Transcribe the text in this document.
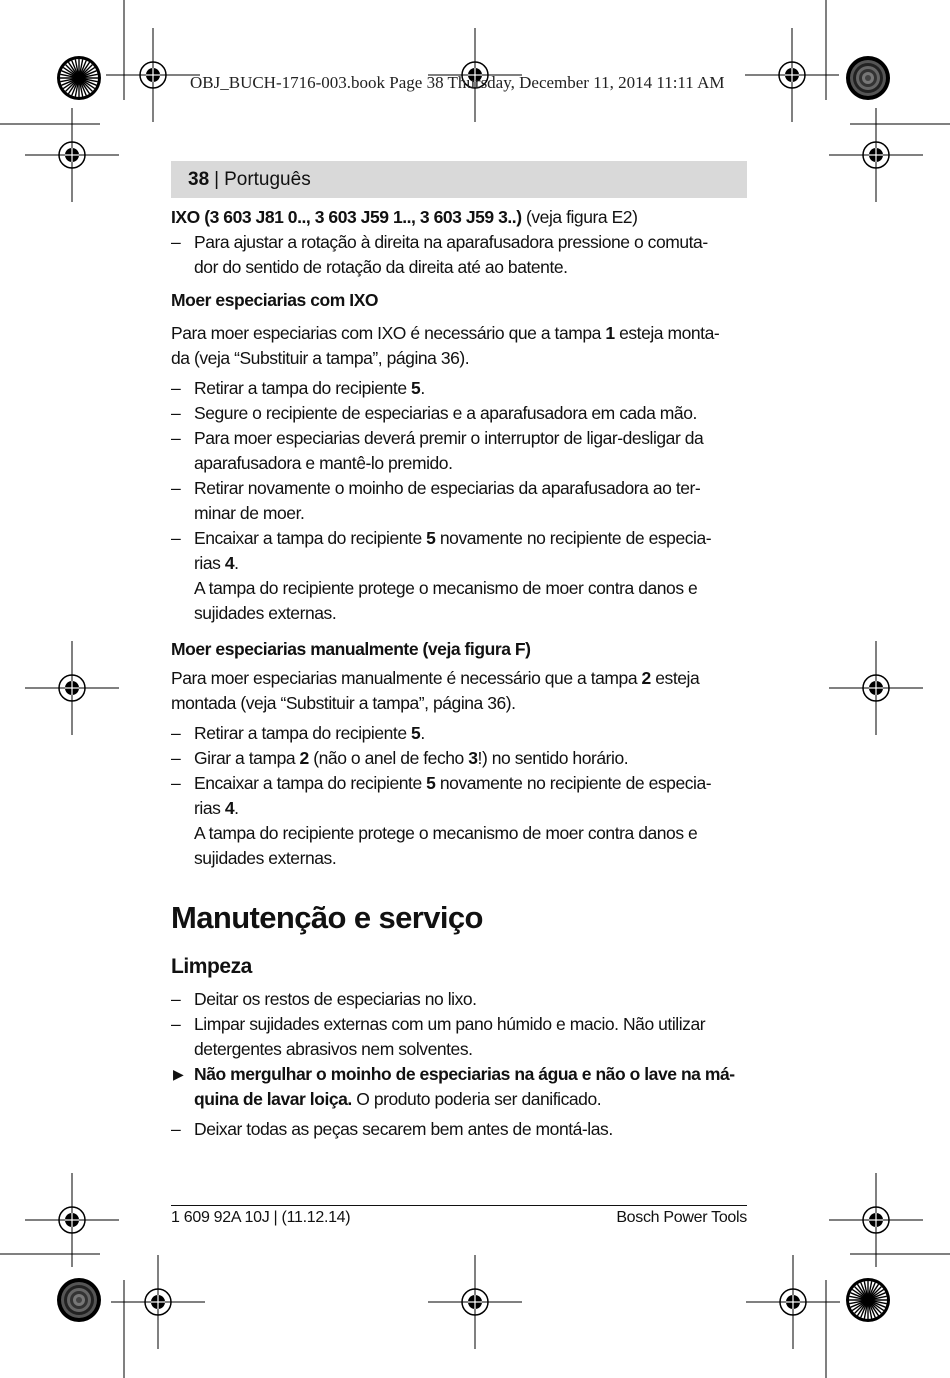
OBJ_BUCH-1716-003.book Page 38 Thursday, December 11, 2014 11:11 AM
38 | Português

IXO (3 603 J81 0.., 3 603 J59 1.., 3 603 J59 3..) (veja figura E2)

– Para ajustar a rotação à direita na aparafusadora pressione o comuta-
dor do sentido de rotação da direita até ao batente.

Moer especiarias com IXO

Para moer especiarias com IXO é necessário que a tampa 1 esteja monta-
da (veja “Substituir a tampa”, página 36).

– Retirar a tampa do recipiente 5.

– Segure o recipiente de especiarias e a aparafusadora em cada mão.

– Para moer especiarias deverá premir o interruptor de ligar-desligar da
aparafusadora e mantê-lo premido.

– Retirar novamente o moinho de especiarias da aparafusadora ao ter-
minar de moer.

– Encaixar a tampa do recipiente 5 novamente no recipiente de especia-
rias 4.

A tampa do recipiente protege o mecanismo de moer contra danos e
sujidades externas.

Moer especiarias manualmente (veja figura F)

Para moer especiarias manualmente é necessário que a tampa 2 esteja
montada (veja “Substituir a tampa”, página 36).

– Retirar a tampa do recipiente 5.

– Girar a tampa 2 (não o anel de fecho 3!) no sentido horário.

– Encaixar a tampa do recipiente 5 novamente no recipiente de especia-
rias 4.

A tampa do recipiente protege o mecanismo de moer contra danos e
sujidades externas.

Manutenção e serviço

Limpeza

– Deitar os restos de especiarias no lixo.

– Limpar sujidades externas com um pano húmido e macio. Não utilizar
detergentes abrasivos nem solventes.

▶ Não mergulhar o moinho de especiarias na água e não o lave na má-
quina de lavar loiça. O produto poderia ser danificado.

– Deixar todas as peças secarem bem antes de montá-las.

1 609 92A 10J | (11.12.14)	Bosch Power Tools
